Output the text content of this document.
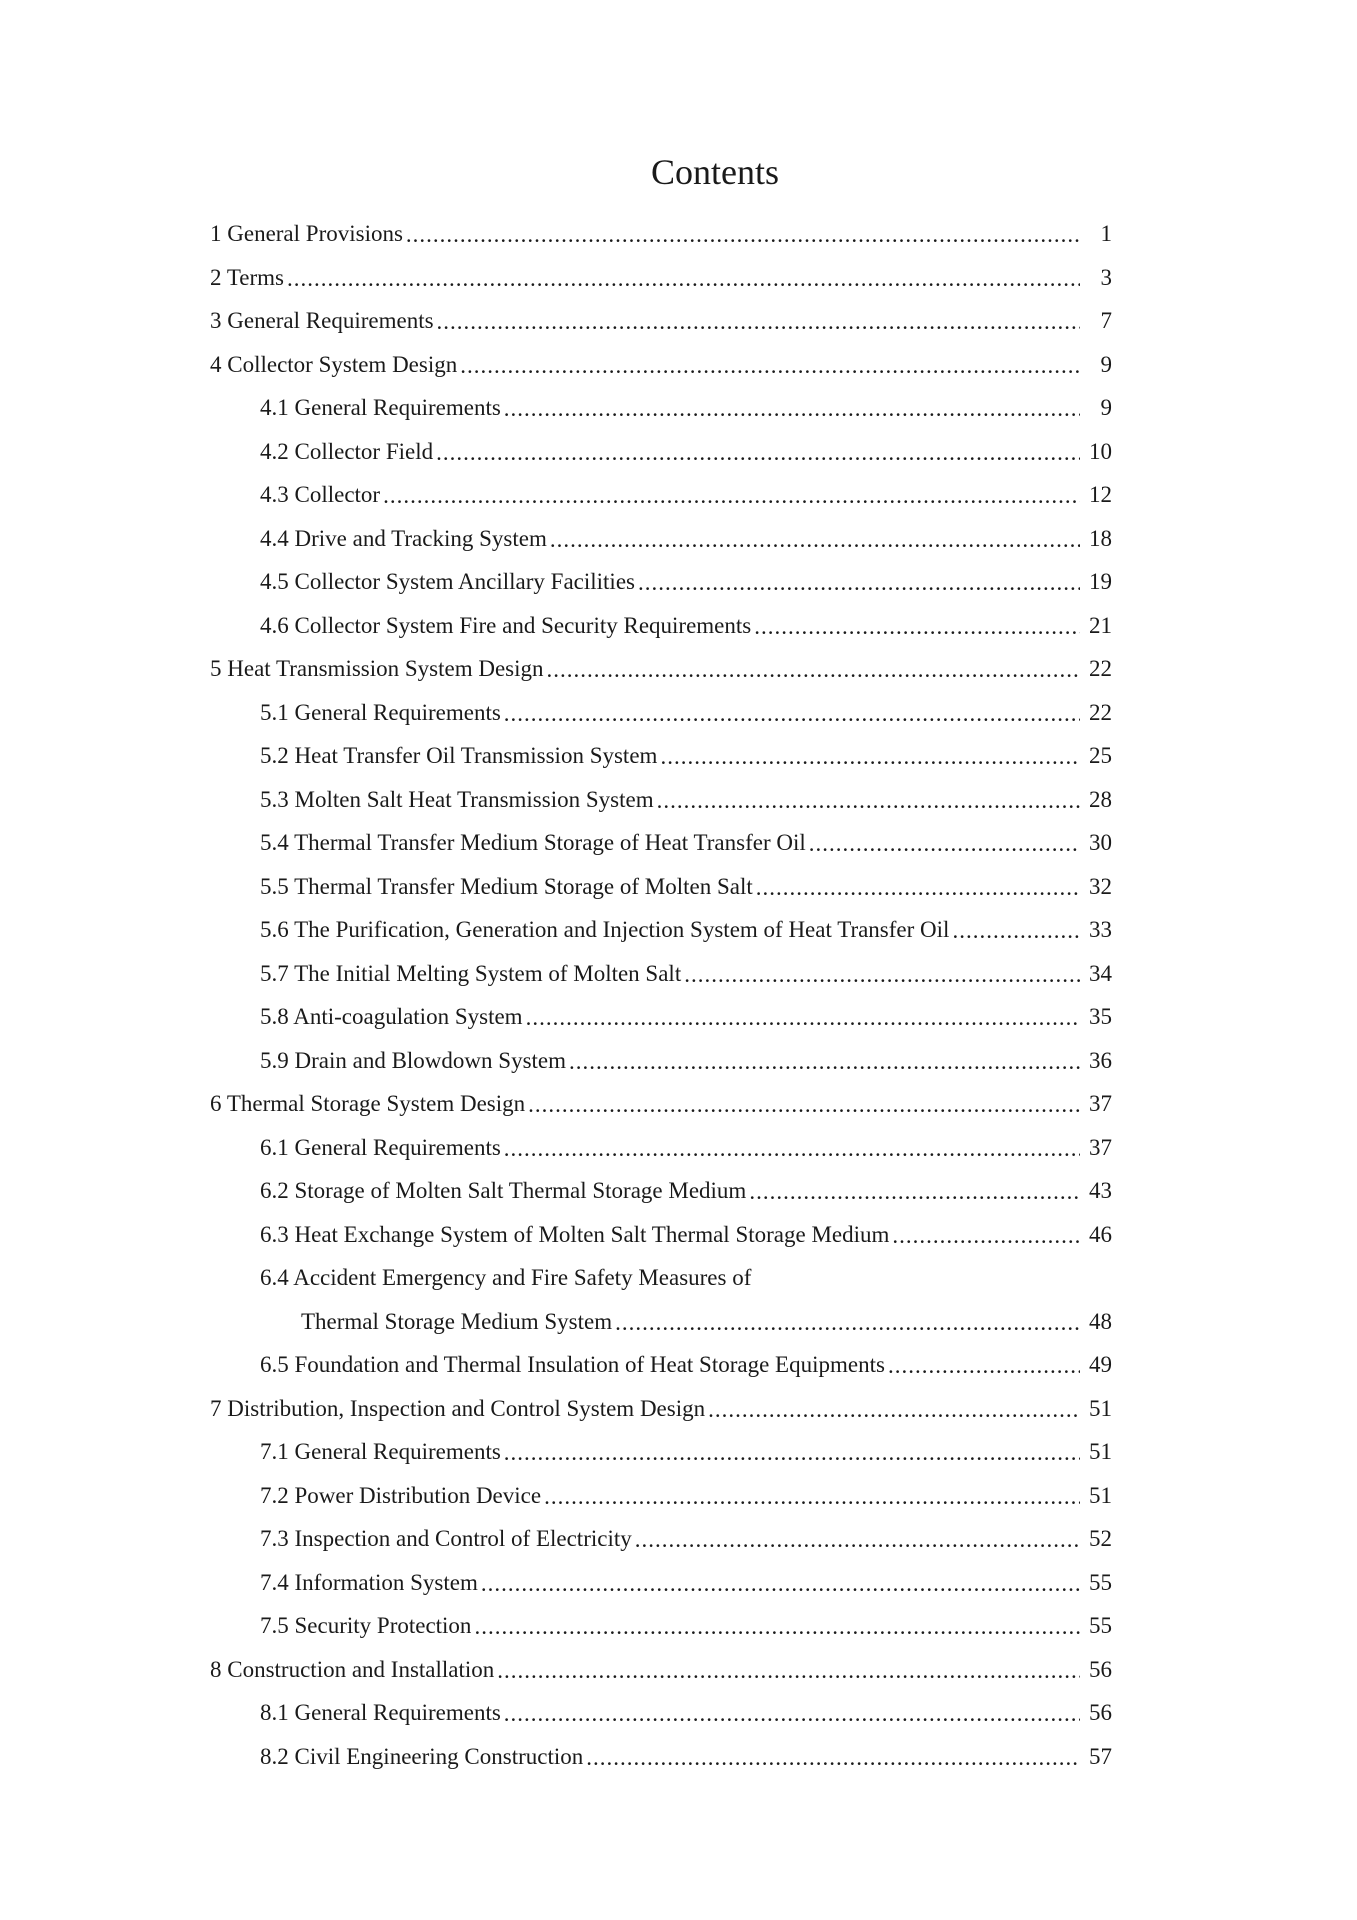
Contents
1 General Provisions .....	1
2 Terms .....	3
3 General Requirements .....	7
4 Collector System Design .....	9
4.1 General Requirements .....	9
4.2 Collector Field .....	10
4.3 Collector .....	12
4.4 Drive and Tracking System .....	18
4.5 Collector System Ancillary Facilities .....	19
4.6 Collector System Fire and Security Requirements .....	21
5 Heat Transmission System Design .....	22
5.1 General Requirements .....	22
5.2 Heat Transfer Oil Transmission System .....	25
5.3 Molten Salt Heat Transmission System .....	28
5.4 Thermal Transfer Medium Storage of Heat Transfer Oil .....	30
5.5 Thermal Transfer Medium Storage of Molten Salt .....	32
5.6 The Purification, Generation and Injection System of Heat Transfer Oil .....	33
5.7 The Initial Melting System of Molten Salt .....	34
5.8 Anti-coagulation System .....	35
5.9 Drain and Blowdown System .....	36
6 Thermal Storage System Design .....	37
6.1 General Requirements .....	37
6.2 Storage of Molten Salt Thermal Storage Medium .....	43
6.3 Heat Exchange System of Molten Salt Thermal Storage Medium .....	46
6.4 Accident Emergency and Fire Safety Measures of
Thermal Storage Medium System .....	48
6.5 Foundation and Thermal Insulation of Heat Storage Equipments .....	49
7 Distribution, Inspection and Control System Design .....	51
7.1 General Requirements .....	51
7.2 Power Distribution Device .....	51
7.3 Inspection and Control of Electricity .....	52
7.4 Information System .....	55
7.5 Security Protection .....	55
8 Construction and Installation .....	56
8.1 General Requirements .....	56
8.2 Civil Engineering Construction .....	57
